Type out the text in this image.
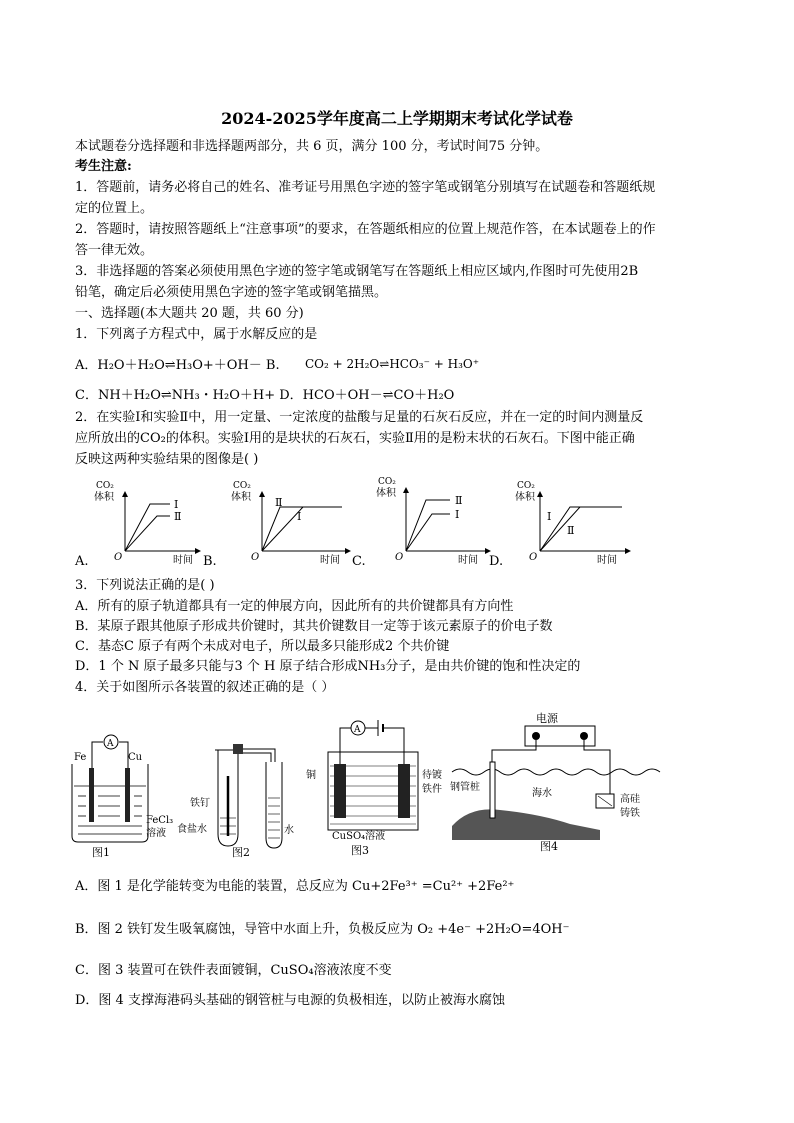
2024-2025学年度高二上学期期末考试化学试卷
本试题卷分选择题和非选择题两部分，共 6 页，满分 100 分，考试时间75 分钟。
考生注意:
1．答题前，请务必将自己的姓名、准考证号用黑色字迹的签字笔或钢笔分别填写在试题卷和答题纸规
定的位置上。
2．答题时，请按照答题纸上“注意事项”的要求，在答题纸相应的位置上规范作答，在本试题卷上的作
答一律无效。
3．非选择题的答案必须使用黑色字迹的签字笔或钢笔写在答题纸上相应区域内,作图时可先使用2B
铅笔，确定后必须使用黑色字迹的签字笔或钢笔描黑。
一、选择题(本大题共 20 题，共 60 分)
1．下列离子方程式中，属于水解反应的是
A．H₂O＋H₂O⇌H₃O+＋OH－ B. CO₂ + 2H₂O⇌HCO₃⁻ + H₃O⁺
C．NH＋H₂O⇌NH₃・H₂O＋H+ D．HCO＋OH－⇌CO＋H₂O
2．在实验Ⅰ和实验Ⅱ中，用一定量、一定浓度的盐酸与足量的石灰石反应，并在一定的时间内测量反
应所放出的CO₂的体积。实验Ⅰ用的是块状的石灰石，实验Ⅱ用的是粉末状的石灰石。下图中能正确
反映这两种实验结果的图像是( )
A.
CO₂
体积
O	时间
Ⅰ
Ⅱ
B.
CO₂
体积
O	时间
Ⅱ
Ⅰ
C.
CO₂
体积
O	时间
Ⅱ
Ⅰ
D.
CO₂
体积
O	时间
Ⅰ
Ⅱ
3．下列说法正确的是( )
A．所有的原子轨道都具有一定的伸展方向，因此所有的共价键都具有方向性
B．某原子跟其他原子形成共价键时，其共价键数目一定等于该元素原子的价电子数
C．基态C 原子有两个未成对电子，所以最多只能形成2 个共价键
D．1 个 N 原子最多只能与3 个 H 原子结合形成NH₃分子，是由共价键的饱和性决定的
4．关于如图所示各装置的叙述正确的是（ ）
Fe	Cu
A
FeCl₃
溶液
图1
铁钉
食盐水	水
图2
A
铜	待镀
铁件
CuSO₄溶液
图3
电源
钢管桩
海水
高硅
铸铁
图4
A．图 1 是化学能转变为电能的装置，总反应为 Cu+2Fe³⁺ =Cu²⁺ +2Fe²⁺
B．图 2 铁钉发生吸氧腐蚀，导管中水面上升，负极反应为 O₂ +4e⁻ +2H₂O=4OH⁻
C．图 3 装置可在铁件表面镀铜，CuSO₄溶液浓度不变
D．图 4 支撑海港码头基础的钢管桩与电源的负极相连，以防止被海水腐蚀
